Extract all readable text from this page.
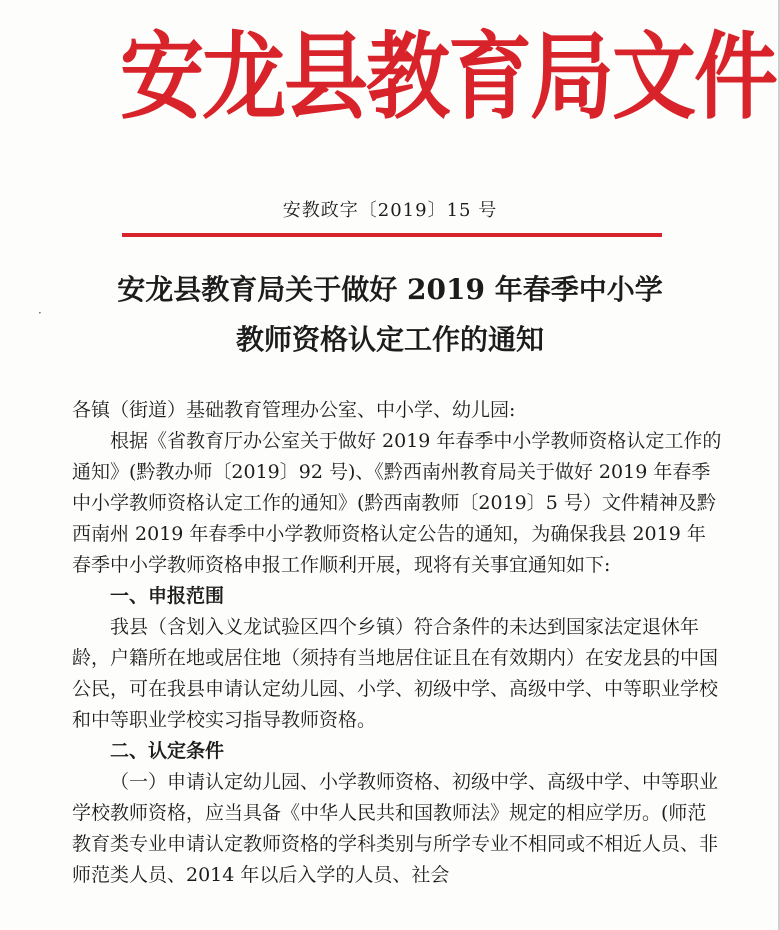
安龙县教育局文件
安教政字〔2019〕15 号
安龙县教育局关于做好 2019 年春季中小学
教师资格认定工作的通知
·

各镇（街道）基础教育管理办公室、中小学、幼儿园:

根据《省教育厅办公室关于做好 2019 年春季中小学教师资格认定工作的通知》(黔教办师〔2019〕92 号)、《黔西南州教育局关于做好 2019 年春季中小学教师资格认定工作的通知》(黔西南教师〔2019〕5 号）文件精神及黔西南州 2019 年春季中小学教师资格认定公告的通知，为确保我县 2019 年春季中小学教师资格申报工作顺利开展，现将有关事宜通知如下:

一、申报范围

我县（含划入义龙试验区四个乡镇）符合条件的未达到国家法定退休年龄，户籍所在地或居住地（须持有当地居住证且在有效期内）在安龙县的中国公民，可在我县申请认定幼儿园、小学、初级中学、高级中学、中等职业学校和中等职业学校实习指导教师资格。

二、认定条件

（一）申请认定幼儿园、小学教师资格、初级中学、高级中学、中等职业学校教师资格，应当具备《中华人民共和国教师法》规定的相应学历。(师范教育类专业申请认定教师资格的学科类别与所学专业不相同或不相近人员、非师范类人员、2014 年以后入学的人员、社会
